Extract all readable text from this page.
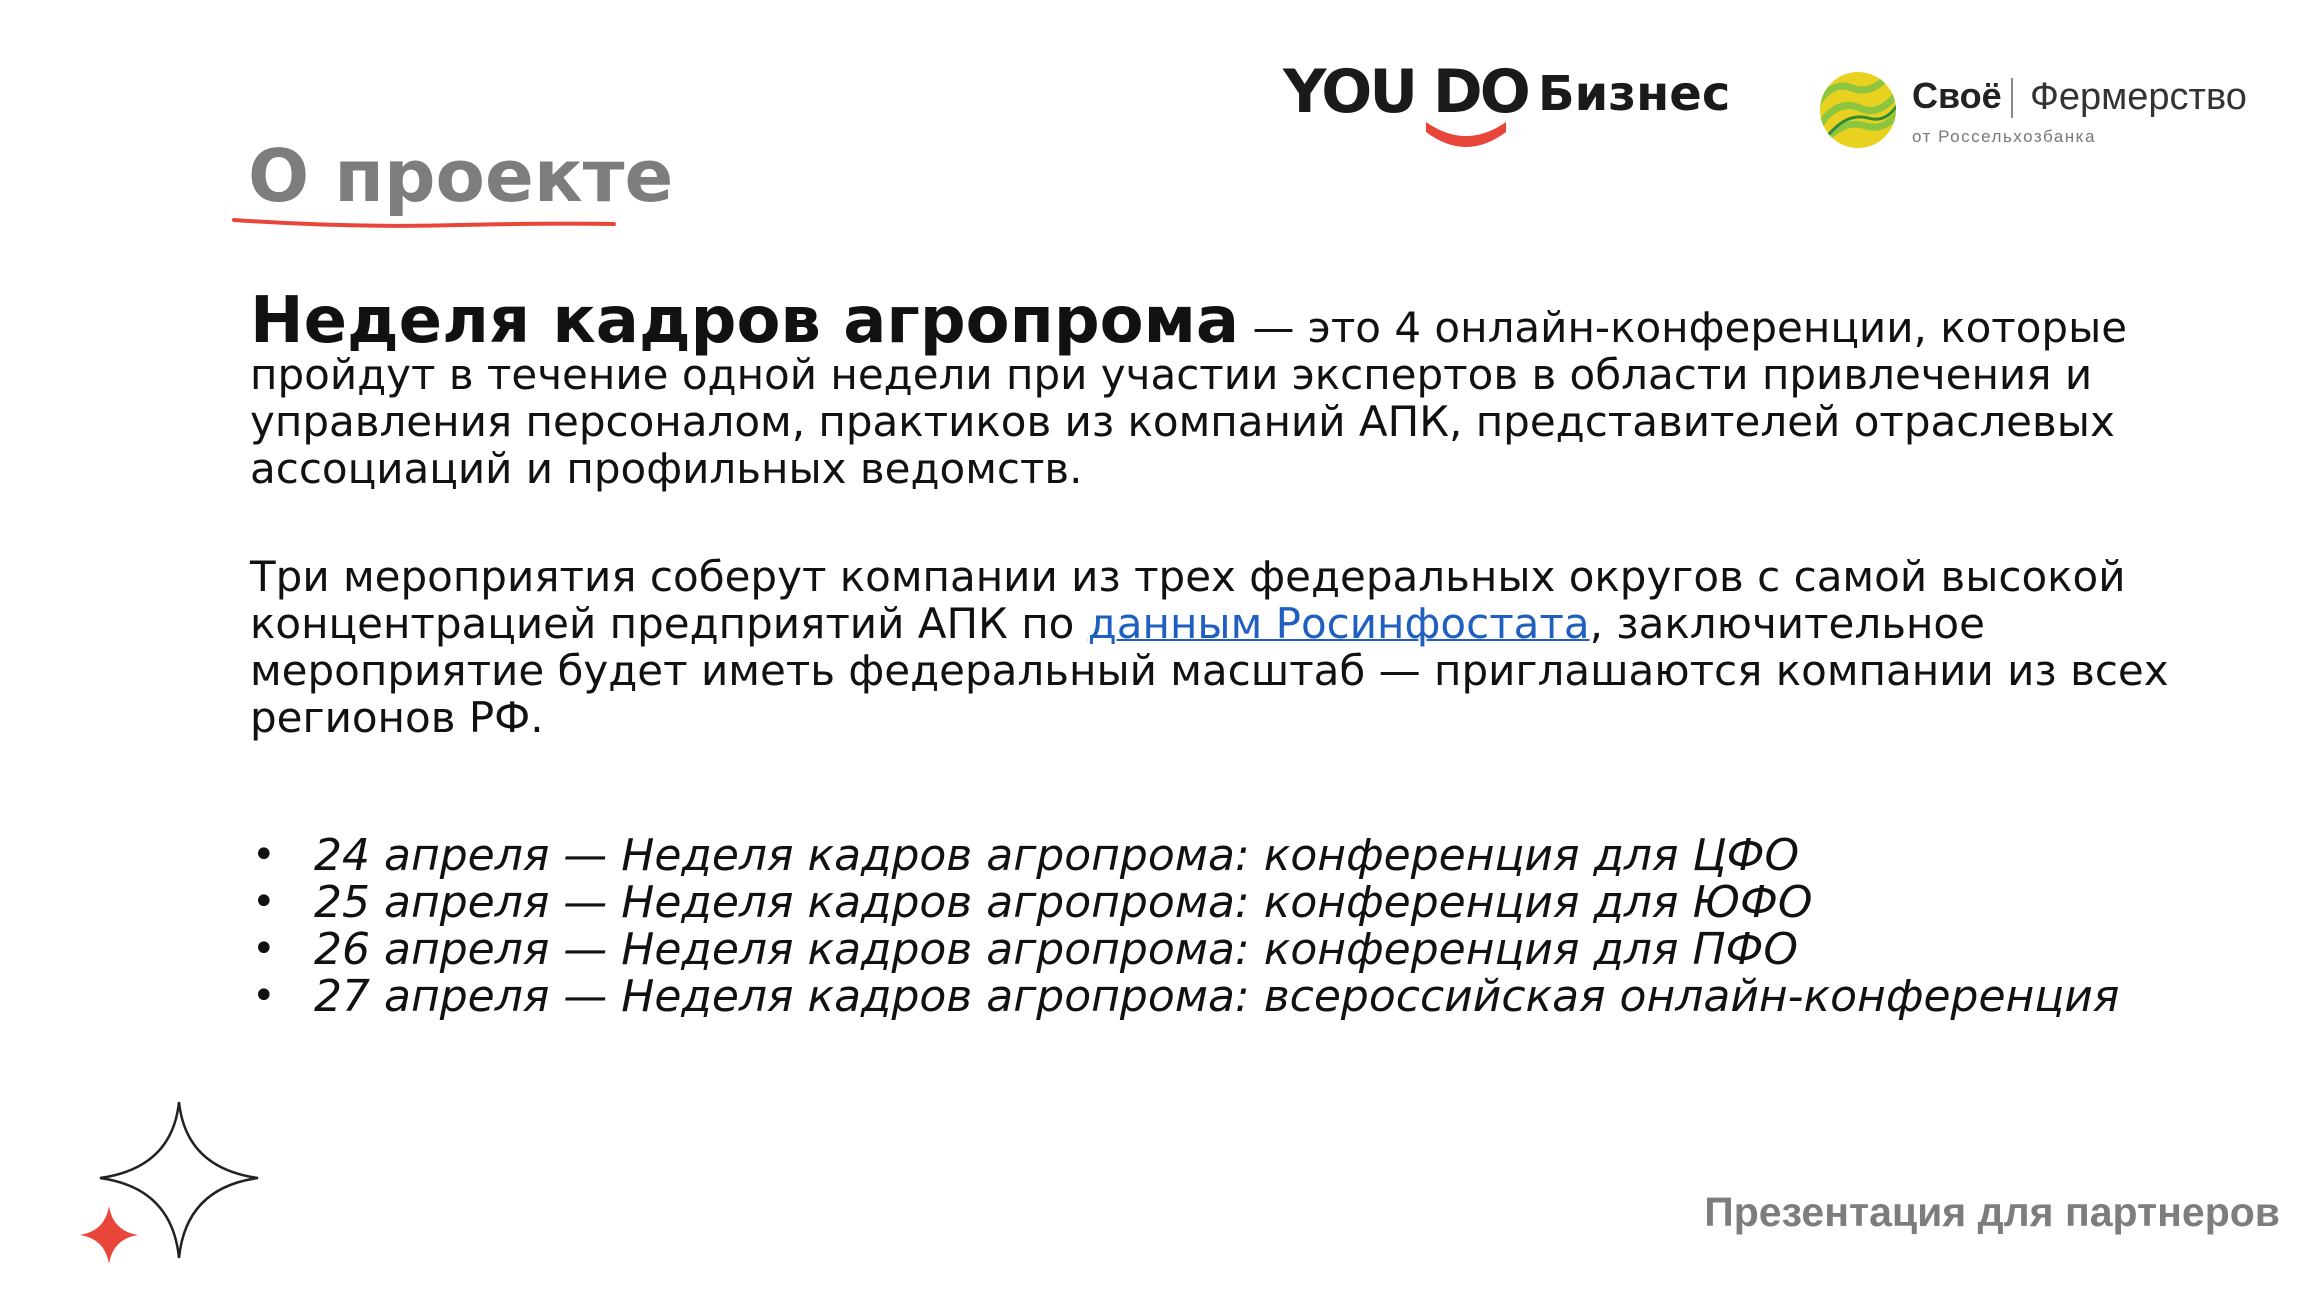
YOU DO Бизнес	Своё Фермерство
от Россельхозбанка
О проекте

Неделя кадров агропрома — это 4 онлайн-конференции, которые пройдут в течение одной недели при участии экспертов в области привлечения и управления персоналом, практиков из компаний АПК, представителей отраслевых ассоциаций и профильных ведомств.

Три мероприятия соберут компании из трех федеральных округов с самой высокой концентрацией предприятий АПК по данным Росинфостата, заключительное мероприятие будет иметь федеральный масштаб — приглашаются компании из всех регионов РФ.

• 24 апреля — Неделя кадров агропрома: конференция для ЦФО
• 25 апреля — Неделя кадров агропрома: конференция для ЮФО
• 26 апреля — Неделя кадров агропрома: конференция для ПФО
• 27 апреля — Неделя кадров агропрома: всероссийская онлайн-конференция
Презентация для партнеров
